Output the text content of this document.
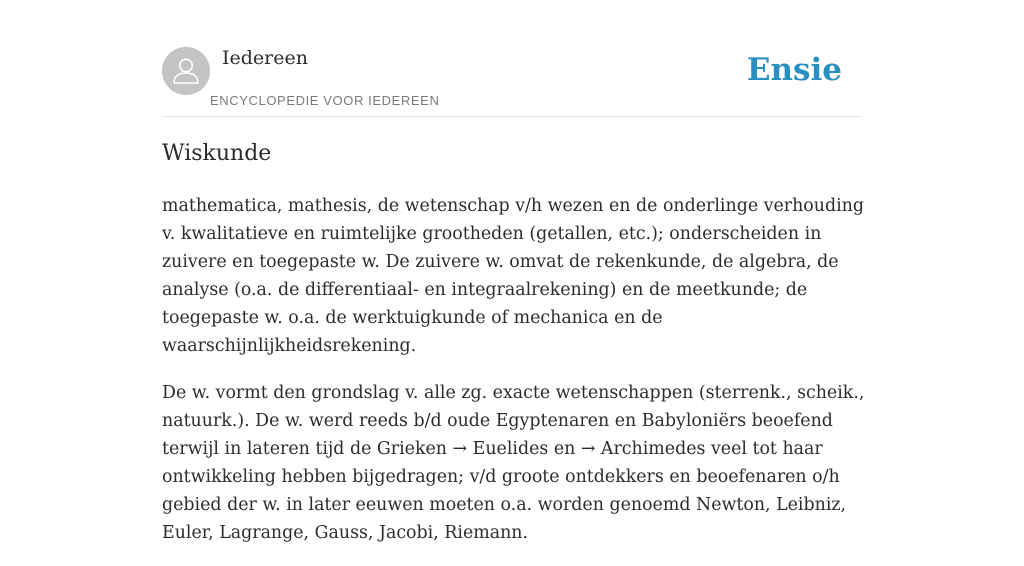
Iedereen
ENCYCLOPEDIE VOOR IEDEREEN
Ensie
Wiskunde

mathematica, mathesis, de wetenschap v/h wezen en de onderlinge verhouding v. kwalitatieve en ruimtelijke grootheden (getallen, etc.); onderscheiden in zuivere en toegepaste w. De zuivere w. omvat de rekenkunde, de algebra, de analyse (o.a. de differentiaal- en integraalrekening) en de meetkunde; de toegepaste w. o.a. de werktuigkunde of mechanica en de waarschijnlijkheidsrekening.

De w. vormt den grondslag v. alle zg. exacte wetenschappen (sterrenk., scheik., natuurk.). De w. werd reeds b/d oude Egyptenaren en Babyloniërs beoefend terwijl in lateren tijd de Grieken → Euelides en → Archimedes veel tot haar ontwikkeling hebben bijgedragen; v/d groote ontdekkers en beoefenaren o/h gebied der w. in later eeuwen moeten o.a. worden genoemd Newton, Leibniz, Euler, Lagrange, Gauss, Jacobi, Riemann.
